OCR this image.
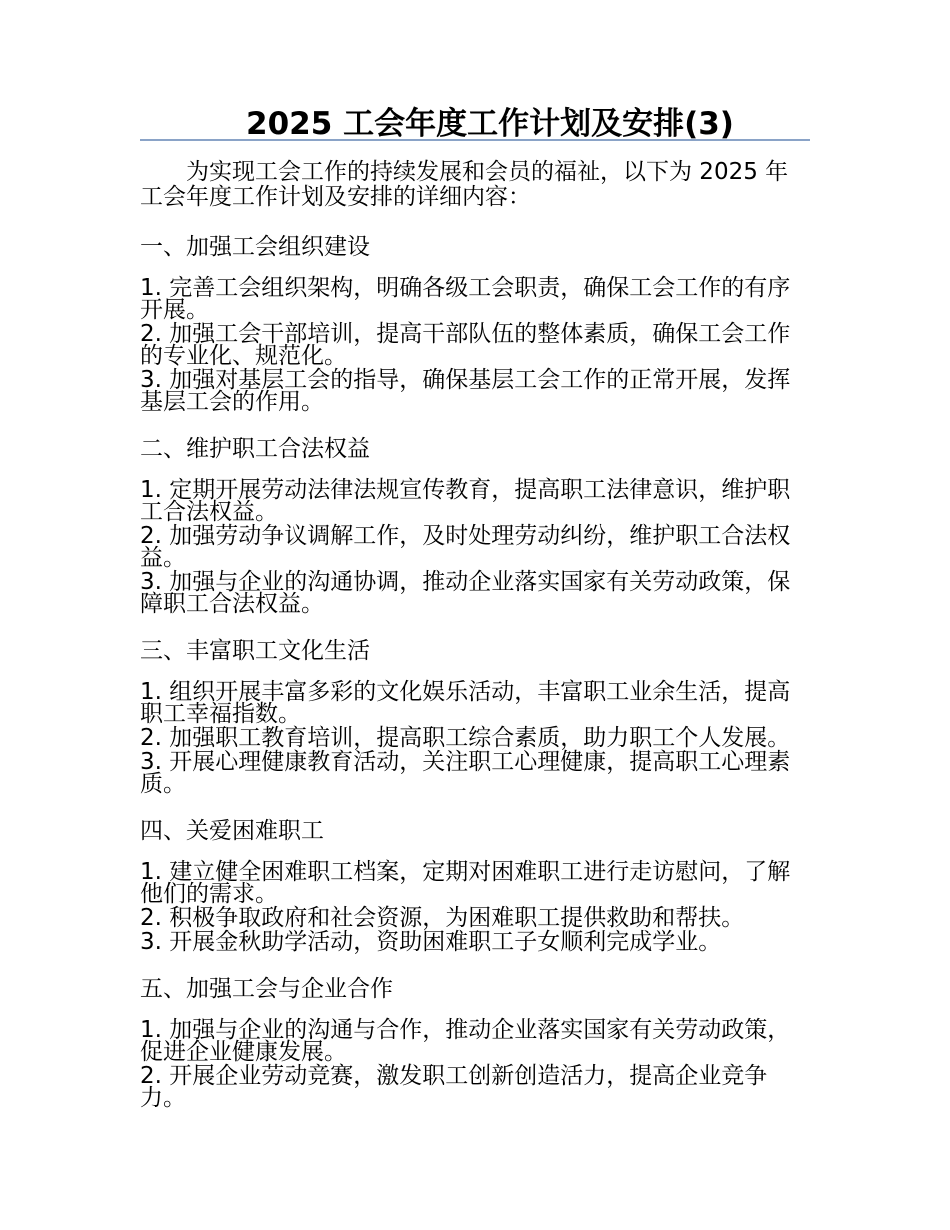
2025 工会年度工作计划及安排(3)

为实现工会工作的持续发展和会员的福祉，以下为 2025 年工会年度工作计划及安排的详细内容：

一、加强工会组织建设

1. 完善工会组织架构，明确各级工会职责，确保工会工作的有序开展。

2. 加强工会干部培训，提高干部队伍的整体素质，确保工会工作的专业化、规范化。

3. 加强对基层工会的指导，确保基层工会工作的正常开展，发挥基层工会的作用。

二、维护职工合法权益

1. 定期开展劳动法律法规宣传教育，提高职工法律意识，维护职工合法权益。

2. 加强劳动争议调解工作，及时处理劳动纠纷，维护职工合法权益。

3. 加强与企业的沟通协调，推动企业落实国家有关劳动政策，保障职工合法权益。

三、丰富职工文化生活

1. 组织开展丰富多彩的文化娱乐活动，丰富职工业余生活，提高职工幸福指数。

2. 加强职工教育培训，提高职工综合素质，助力职工个人发展。

3. 开展心理健康教育活动，关注职工心理健康，提高职工心理素质。

四、关爱困难职工

1. 建立健全困难职工档案，定期对困难职工进行走访慰问，了解他们的需求。

2. 积极争取政府和社会资源，为困难职工提供救助和帮扶。

3. 开展金秋助学活动，资助困难职工子女顺利完成学业。

五、加强工会与企业合作

1. 加强与企业的沟通与合作，推动企业落实国家有关劳动政策，促进企业健康发展。

2. 开展企业劳动竞赛，激发职工创新创造活力，提高企业竞争力。
